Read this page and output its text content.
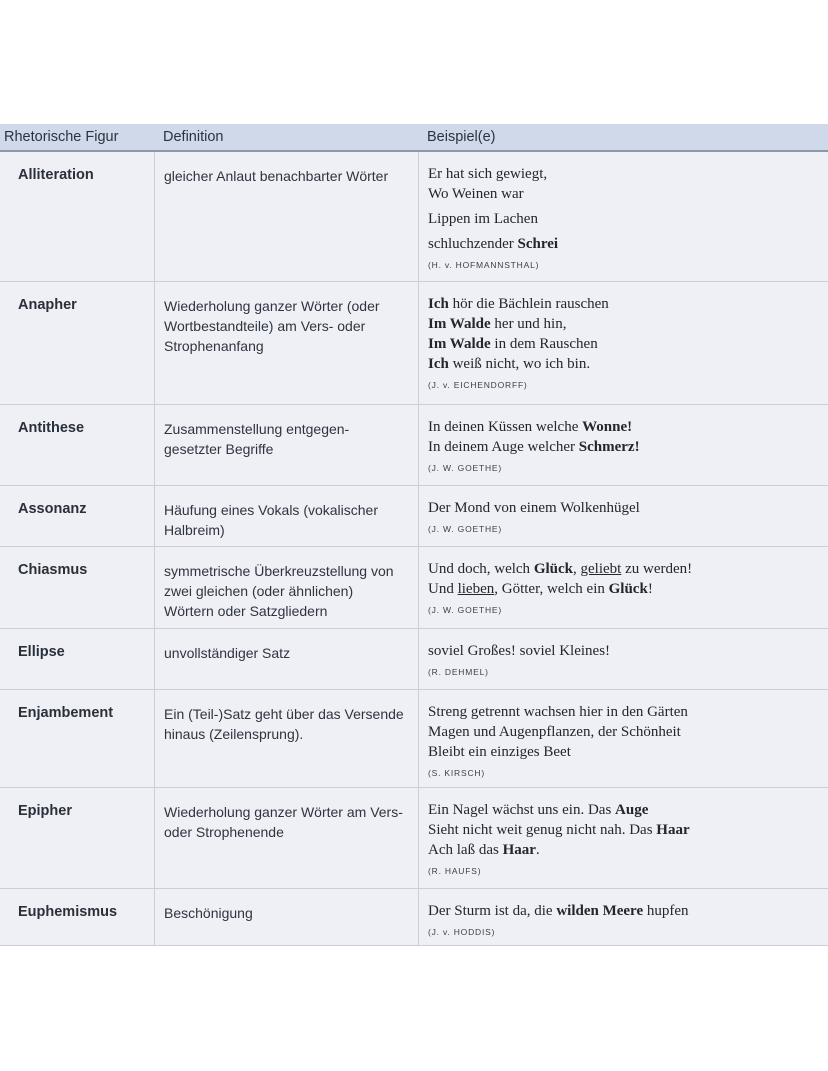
Rhetorische Figur	Definition	Beispiel(e)
Alliteration	gleicher Anlaut benachbarter Wörter	Er hat sich gewiegt,
Wo Weinen war
Lippen im Lachen
schluchzender Schrei
(H. v. HOFMANNSTHAL)
Anapher	Wiederholung ganzer Wörter (oder Wortbestandteile) am Vers- oder Strophenanfang
Ich hör die Bächlein rauschen
Im Walde her und hin,
Im Walde in dem Rauschen
Ich weiß nicht, wo ich bin.
(J. v. EICHENDORFF)
Antithese	Zusammenstellung entgegen-gesetzter Begriffe
In deinen Küssen welche Wonne!
In deinem Auge welcher Schmerz!
(J. W. GOETHE)
Assonanz	Häufung eines Vokals (vokalischer Halbreim)
Der Mond von einem Wolkenhügel
(J. W. GOETHE)
Chiasmus	symmetrische Überkreuzstellung von zwei gleichen (oder ähnlichen) Wörtern oder Satzgliedern
Und doch, welch Glück, geliebt zu werden!
Und lieben, Götter, welch ein Glück!
(J. W. GOETHE)
Ellipse	unvollständiger Satz	soviel Großes! soviel Kleines!
(R. DEHMEL)
Enjambement	Ein (Teil-)Satz geht über das Versende hinaus (Zeilensprung).
Streng getrennt wachsen hier in den Gärten
Magen und Augenpflanzen, der Schönheit
Bleibt ein einziges Beet
(S. KIRSCH)
Epipher	Wiederholung ganzer Wörter am Vers- oder Strophenende
Ein Nagel wächst uns ein. Das Auge
Sieht nicht weit genug nicht nah. Das Haar
Ach laß das Haar.
(R. HAUFS)
Euphemismus	Beschönigung	Der Sturm ist da, die wilden Meere hupfen
(J. v. HODDIS)
